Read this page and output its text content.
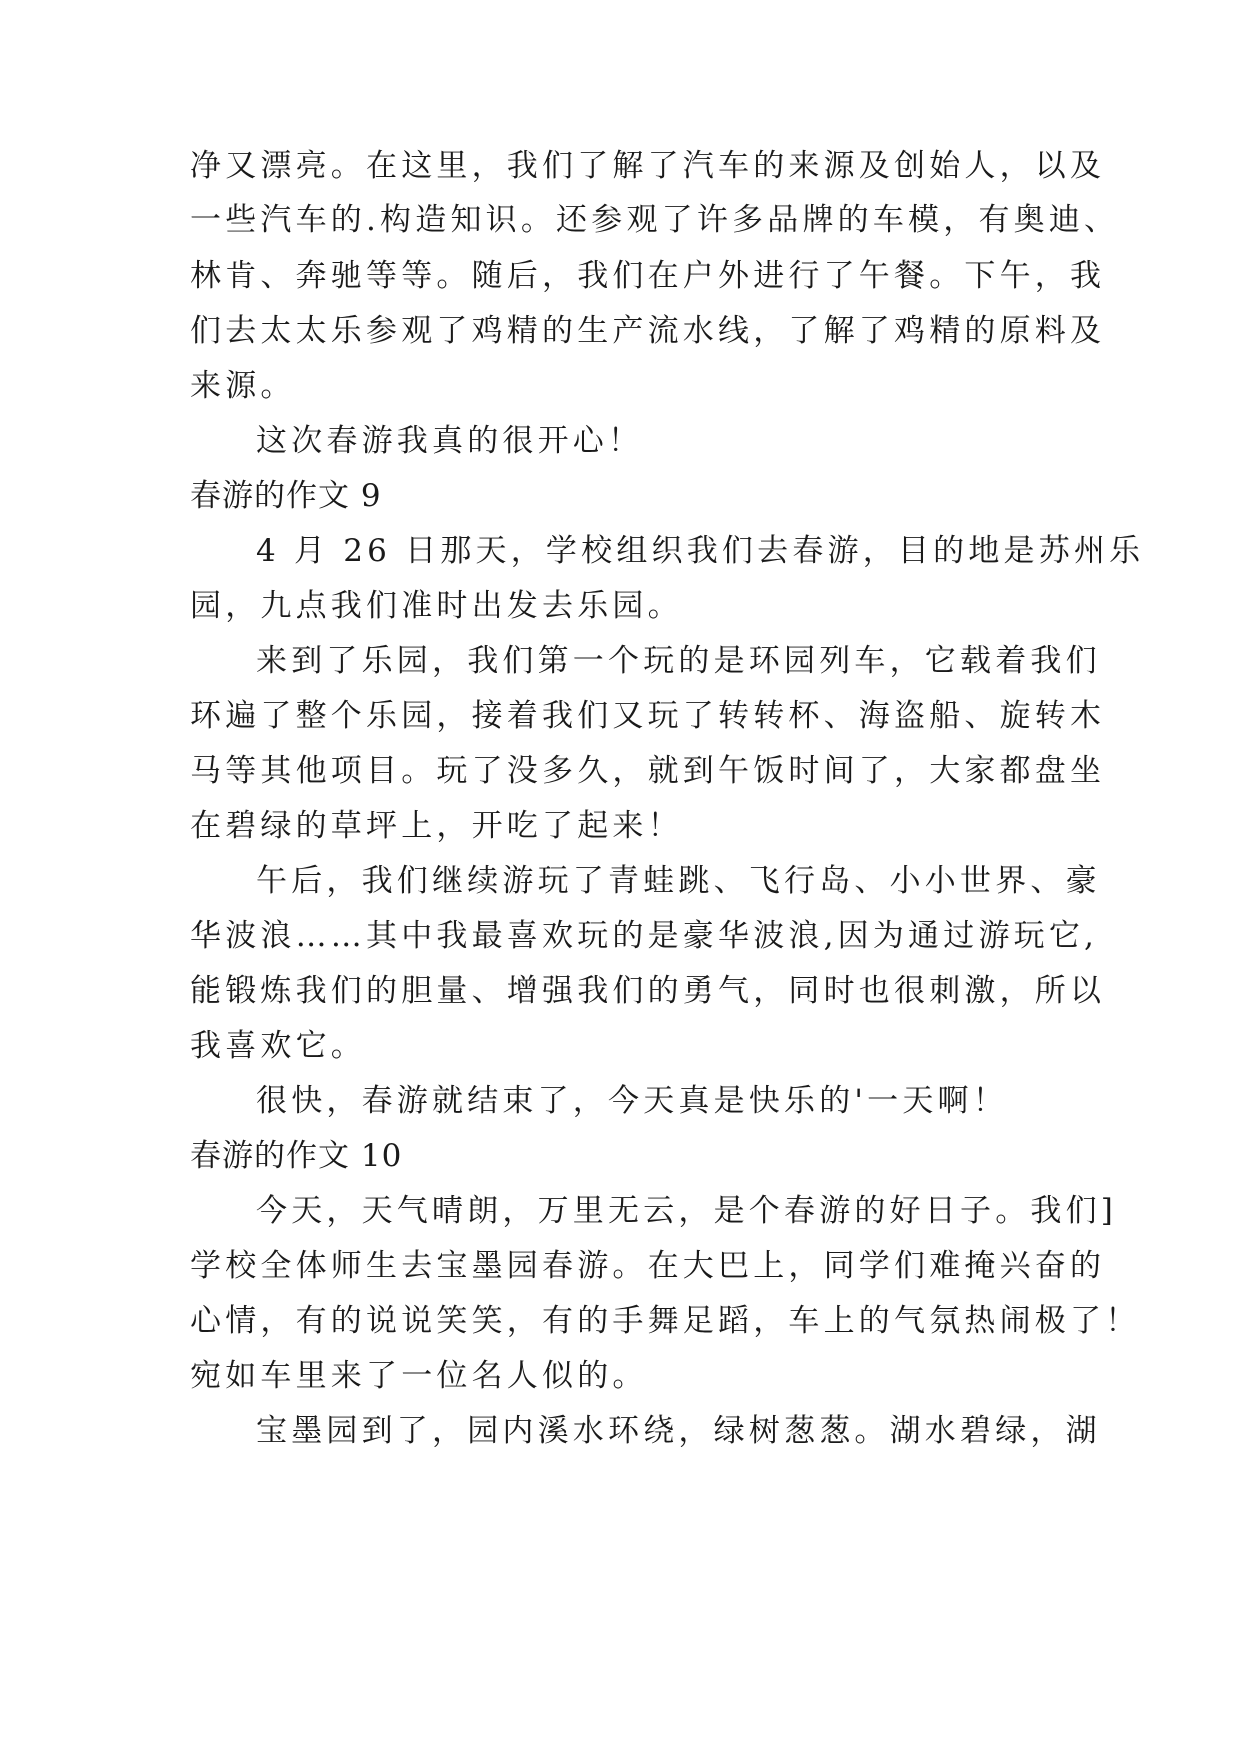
净又漂亮。在这里，我们了解了汽车的来源及创始人，以及
一些汽车的.构造知识。还参观了许多品牌的车模，有奥迪、
林肯、奔驰等等。随后，我们在户外进行了午餐。下午，我
们去太太乐参观了鸡精的生产流水线，了解了鸡精的原料及
来源。
这次春游我真的很开心！
春游的作文 9
4 月 26 日那天，学校组织我们去春游，目的地是苏州乐
园，九点我们准时出发去乐园。
来到了乐园，我们第一个玩的是环园列车，它载着我们
环遍了整个乐园，接着我们又玩了转转杯、海盗船、旋转木
马等其他项目。玩了没多久，就到午饭时间了，大家都盘坐
在碧绿的草坪上，开吃了起来！
午后，我们继续游玩了青蛙跳、飞行岛、小小世界、豪
华波浪……其中我最喜欢玩的是豪华波浪,因为通过游玩它,
能锻炼我们的胆量、增强我们的勇气，同时也很刺激，所以
我喜欢它。
很快，春游就结束了，今天真是快乐的'一天啊！
春游的作文 10
今天，天气晴朗，万里无云，是个春游的好日子。我们]
学校全体师生去宝墨园春游。在大巴上，同学们难掩兴奋的
心情，有的说说笑笑，有的手舞足蹈，车上的气氛热闹极了！
宛如车里来了一位名人似的。
宝墨园到了，园内溪水环绕，绿树葱葱。湖水碧绿，湖
